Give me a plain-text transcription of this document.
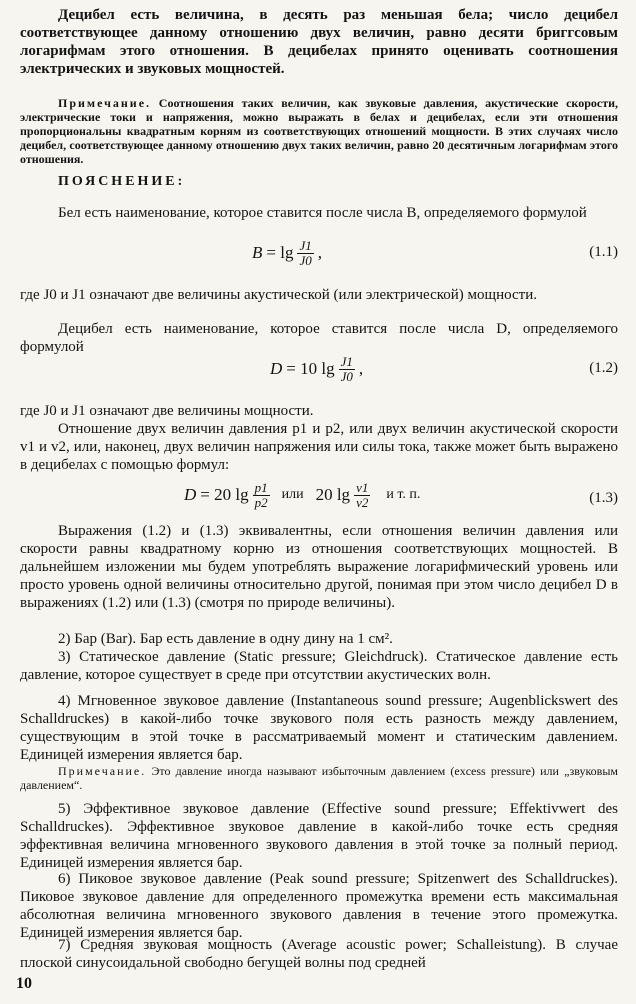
Децибел есть величина, в десять раз меньшая бела; число децибел соответствующее данному отношению двух величин, равно десяти бриггсовым логарифмам этого отношения. В децибелах принято оценивать соотношения электрических и звуковых мощностей.

Примечание. Соотношения таких величин, как звуковые давления, акустические скорости, электрические токи и напряжения, можно выражать в белах и децибелах, если эти отношения пропорциональны квадратным корням из соответствующих отношений мощности. В этих случаях число децибел, соответствующее данному отношению двух таких величин, равно 20 десятичным логарифмам этого отношения.

ПОЯСНЕНИЕ:

Бел есть наименование, которое ставится после числа B, определяемого формулой

$B = \lg \frac{J1}{J0}$ ,	(1.1)

где J0 и J1 означают две величины акустической (или электрической) мощности.

Децибел есть наименование, которое ставится после числа D, определяемого формулой

D = 10 $\lg \frac{J1}{J0}$ ,	(1.2)

где J0 и J1 означают две величины мощности.

Отношение двух величин давления p1 и p2, или двух величин акустической скорости v1 и v2, или, наконец, двух величин напряжения или силы тока, также может быть выражено в децибелах с помощью формул:

D = 20 $\lg \frac{p1}{p2}$ или 20 $\lg \frac{v1}{v2}$ и т. п.	(1.3)

Выражения (1.2) и (1.3) эквивалентны, если отношения величин давления или скорости равны квадратному корню из отношения соответствующих мощностей. В дальнейшем изложении мы будем употреблять выражение логарифмический уровень или просто уровень одной величины относительно другой, понимая при этом число децибел D в выражениях (1.2) или (1.3) (смотря по природе величины).

2) Бар (Bar). Бар есть давление в одну дину на 1 см².

3) Статическое давление (Static pressure; Gleichdruck). Статическое давление есть давление, которое существует в среде при отсутствии акустических волн.

4) Мгновенное звуковое давление (Instantaneous sound pressure; Augenblickswert des Schalldruckes) в какой-либо точке звукового поля есть разность между давлением, существующим в этой точке в рассматриваемый момент и статическим давлением. Единицей измерения является бар.

Примечание. Это давление иногда называют избыточным давлением (excess pressure) или „звуковым давлением“.

5) Эффективное звуковое давление (Effective sound pressure; Effektivwert des Schalldruckes). Эффективное звуковое давление в какой-либо точке есть средняя эффективная величина мгновенного звукового давления в этой точке за полный период. Единицей измерения является бар.

6) Пиковое звуковое давление (Peak sound pressure; Spitzenwert des Schalldruckes). Пиковое звуковое давление для определенного промежутка времени есть максимальная абсолютная величина мгновенного звукового давления в течение этого промежутка. Единицей измерения является бар.

7) Средняя звуковая мощность (Average acoustic power; Schalleistung). В случае плоской синусоидальной свободно бегущей волны под средней

10
